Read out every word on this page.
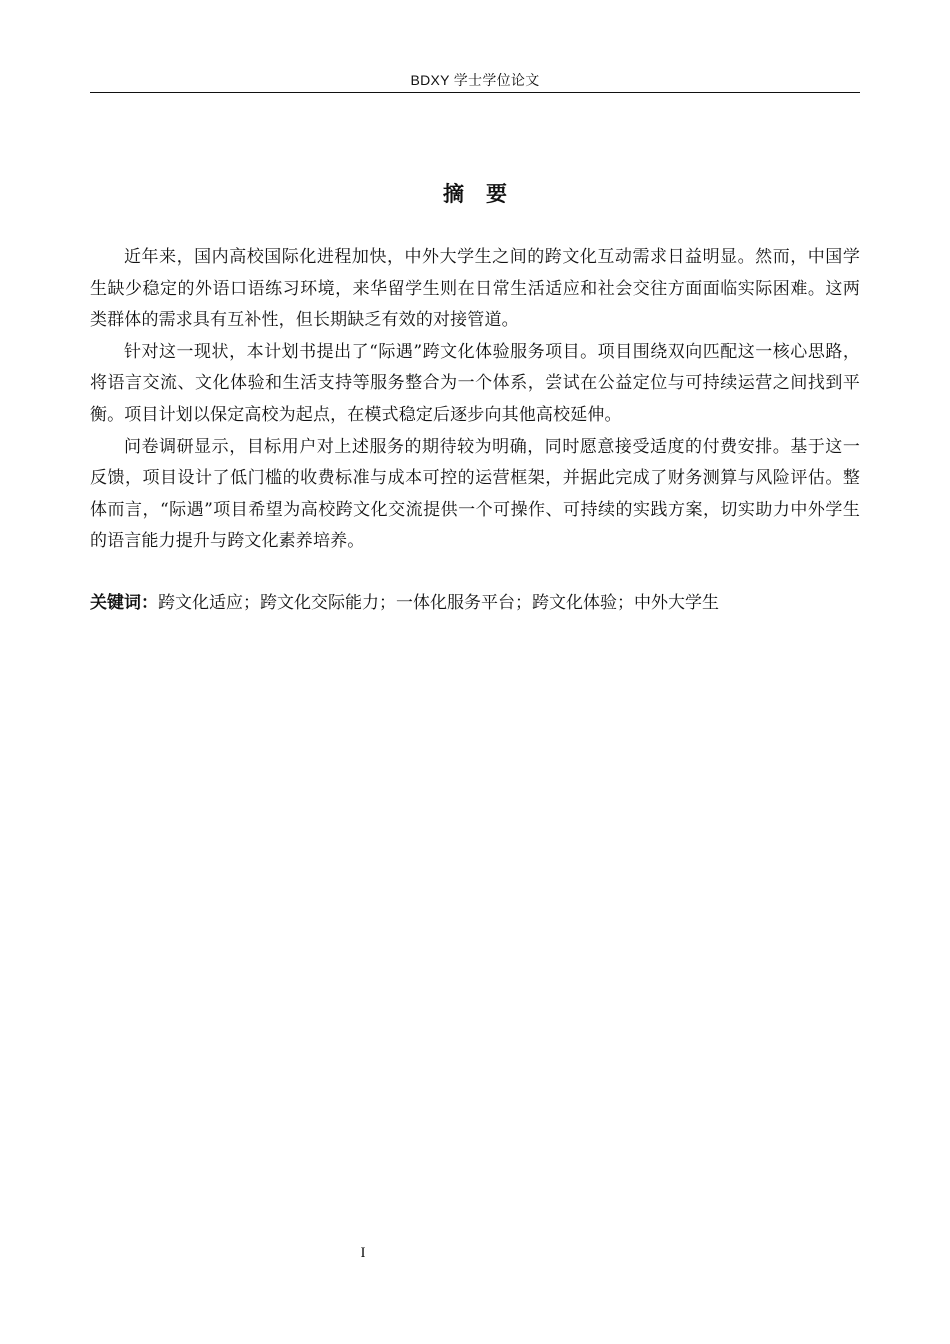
BDXY 学士学位论文
摘 要

近年来，国内高校国际化进程加快，中外大学生之间的跨文化互动需求日益明显。然而，中国学生缺少稳定的外语口语练习环境，来华留学生则在日常生活适应和社会交往方面面临实际困难。这两类群体的需求具有互补性，但长期缺乏有效的对接管道。

针对这一现状，本计划书提出了“际遇”跨文化体验服务项目。项目围绕双向匹配这一核心思路，将语言交流、文化体验和生活支持等服务整合为一个体系，尝试在公益定位与可持续运营之间找到平衡。项目计划以保定高校为起点，在模式稳定后逐步向其他高校延伸。

问卷调研显示，目标用户对上述服务的期待较为明确，同时愿意接受适度的付费安排。基于这一反馈，项目设计了低门槛的收费标准与成本可控的运营框架，并据此完成了财务测算与风险评估。整体而言，“际遇”项目希望为高校跨文化交流提供一个可操作、可持续的实践方案，切实助力中外学生的语言能力提升与跨文化素养培养。

关键词：跨文化适应；跨文化交际能力；一体化服务平台；跨文化体验；中外大学生
I
